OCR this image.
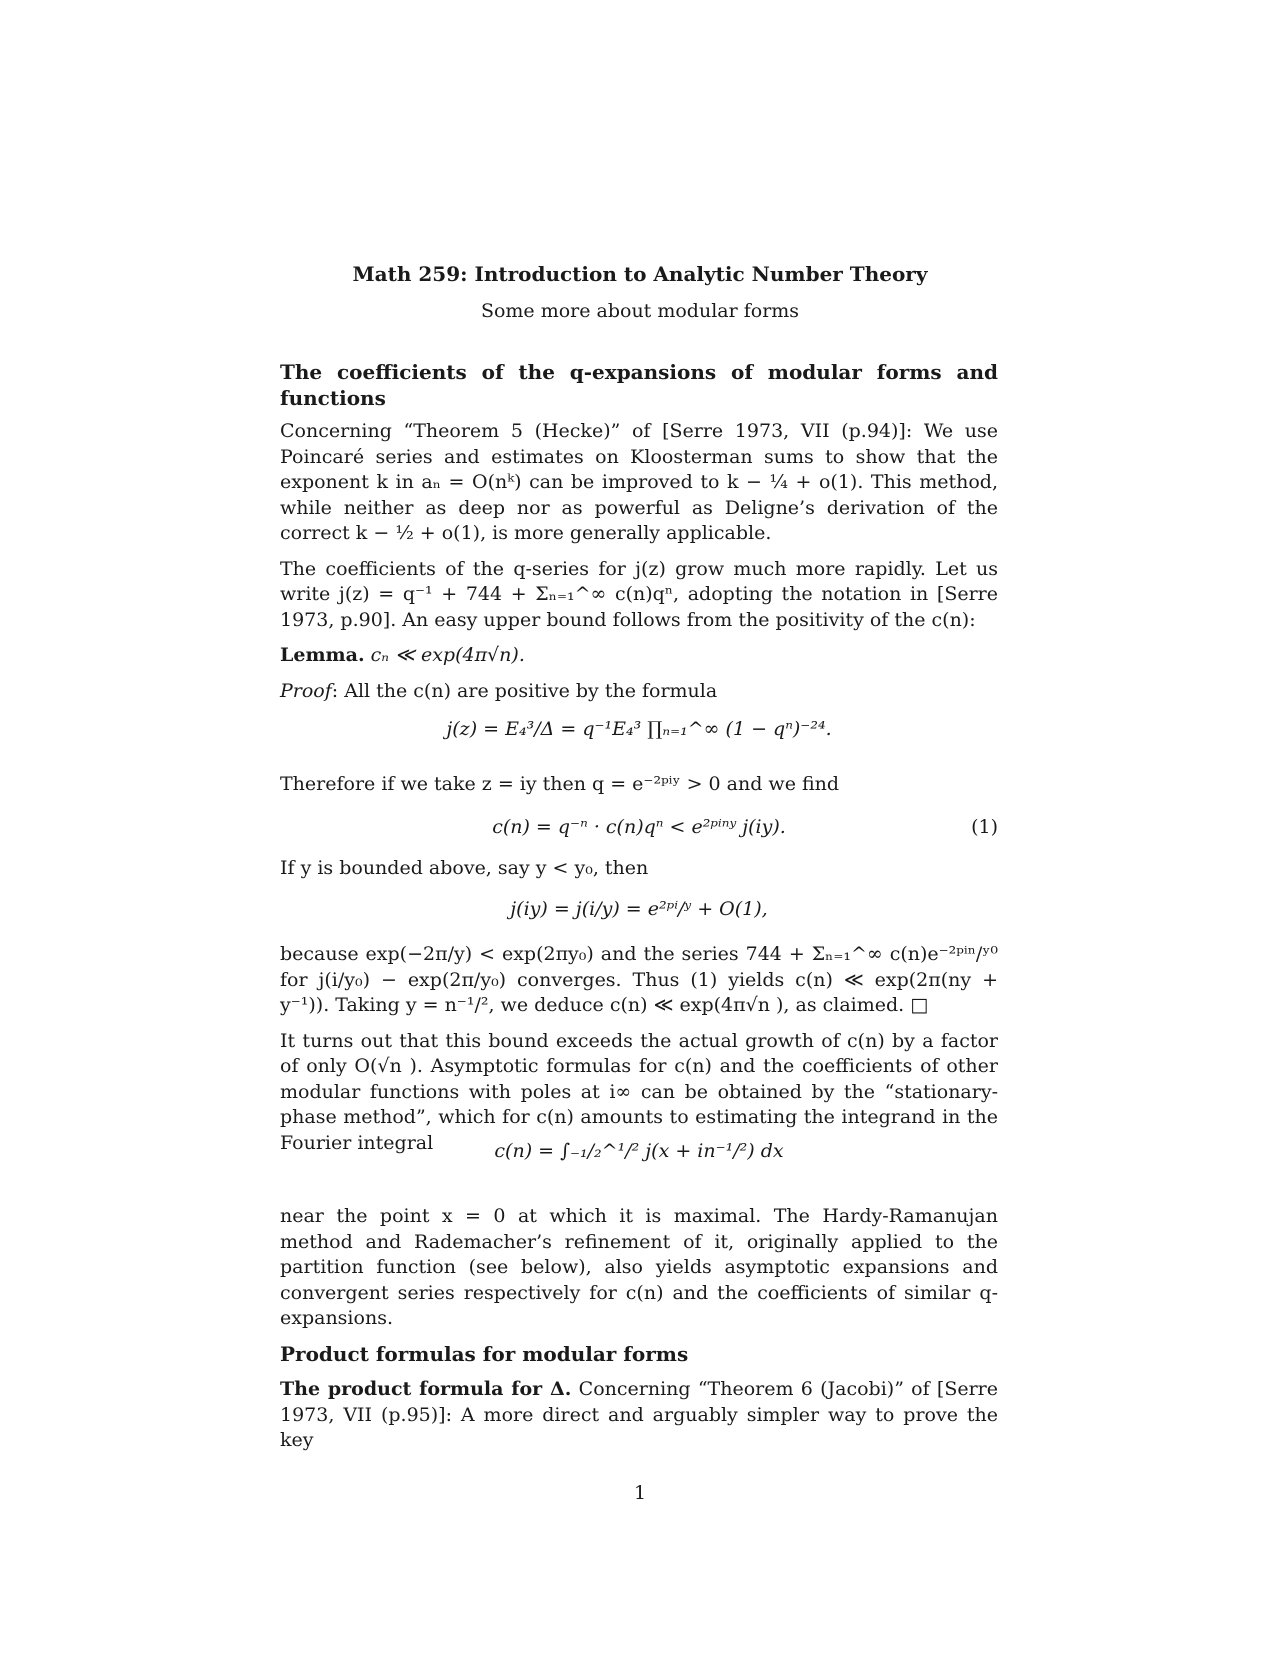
Math 259: Introduction to Analytic Number Theory
Some more about modular forms

The coefficients of the q-expansions of modular forms and functions

Concerning “Theorem 5 (Hecke)” of [Serre 1973, VII (p.94)]: We use Poincaré series and estimates on Kloosterman sums to show that the exponent k in aₙ = O(nᵏ) can be improved to k − ¼ + o(1). This method, while neither as deep nor as powerful as Deligne’s derivation of the correct k − ½ + o(1), is more generally applicable.

The coefficients of the q-series for j(z) grow much more rapidly. Let us write j(z) = q⁻¹ + 744 + Σₙ₌₁^∞ c(n)qⁿ, adopting the notation in [Serre 1973, p.90]. An easy upper bound follows from the positivity of the c(n):

Lemma. cₙ ≪ exp(4π√n).

Proof: All the c(n) are positive by the formula

j(z) = E₄³/Δ = q⁻¹E₄³ ∏ₙ₌₁^∞ (1 − qⁿ)⁻²⁴.
Therefore if we take z = iy then q = e⁻²ᵖⁱʸ > 0 and we find
c(n) = q⁻ⁿ · c(n)qⁿ < e²ᵖⁱⁿʸ j(iy).	(1)
If y is bounded above, say y < y₀, then
j(iy) = j(i/y) = e²ᵖⁱ/ʸ + O(1),

because exp(−2π/y) < exp(2πy₀) and the series 744 + Σₙ₌₁^∞ c(n)e⁻²ᵖⁱⁿ/ʸ⁰ for j(i/y₀) − exp(2π/y₀) converges. Thus (1) yields c(n) ≪ exp(2π(ny + y⁻¹)). Taking y = n⁻¹/², we deduce c(n) ≪ exp(4π√n ), as claimed. □

It turns out that this bound exceeds the actual growth of c(n) by a factor of only O(√n ). Asymptotic formulas for c(n) and the coefficients of other modular functions with poles at i∞ can be obtained by the “stationary-phase method”, which for c(n) amounts to estimating the integrand in the Fourier integral	c(n) = ∫₋₁/₂^¹/² j(x + in⁻¹/²) dx

near the point x = 0 at which it is maximal. The Hardy-Ramanujan method and Rademacher’s refinement of it, originally applied to the partition function (see below), also yields asymptotic expansions and convergent series respectively for c(n) and the coefficients of similar q-expansions.

Product formulas for modular forms

The product formula for Δ. Concerning “Theorem 6 (Jacobi)” of [Serre 1973, VII (p.95)]: A more direct and arguably simpler way to prove the key

1
